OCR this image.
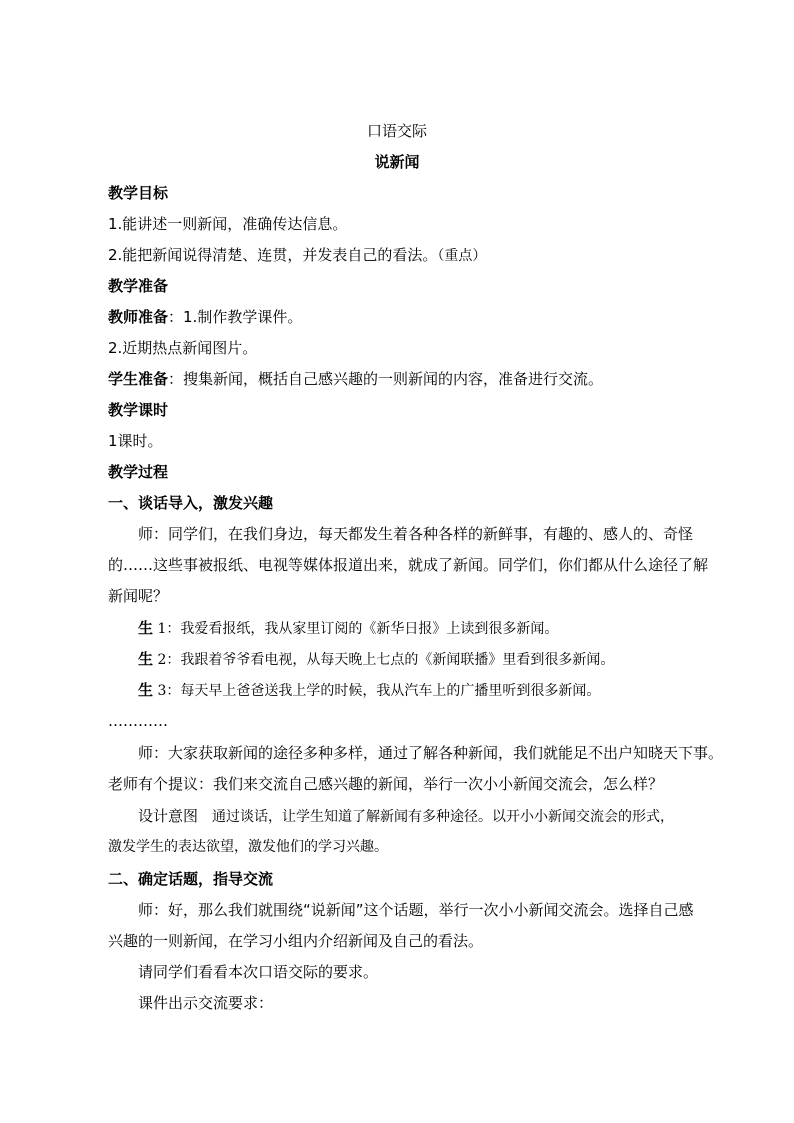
口语交际
说新闻
教学目标
1.能讲述一则新闻，准确传达信息。
2.能把新闻说得清楚、连贯，并发表自己的看法。（重点）
教学准备
教师准备：1.制作教学课件。
2.近期热点新闻图片。
学生准备：搜集新闻，概括自己感兴趣的一则新闻的内容，准备进行交流。
教学课时
1课时。
教学过程
一、谈话导入，激发兴趣
师：同学们，在我们身边，每天都发生着各种各样的新鲜事，有趣的、感人的、奇怪
的……这些事被报纸、电视等媒体报道出来，就成了新闻。同学们，你们都从什么途径了解
新闻呢？
生 1：我爱看报纸，我从家里订阅的《新华日报》上读到很多新闻。
生 2：我跟着爷爷看电视，从每天晚上七点的《新闻联播》里看到很多新闻。
生 3：每天早上爸爸送我上学的时候，我从汽车上的广播里听到很多新闻。
…………
师：大家获取新闻的途径多种多样，通过了解各种新闻，我们就能足不出户知晓天下事。
老师有个提议：我们来交流自己感兴趣的新闻，举行一次小小新闻交流会，怎么样？
设计意图　通过谈话，让学生知道了解新闻有多种途径。以开小小新闻交流会的形式，
激发学生的表达欲望，激发他们的学习兴趣。
二、确定话题，指导交流
师：好，那么我们就围绕“说新闻”这个话题，举行一次小小新闻交流会。选择自己感
兴趣的一则新闻，在学习小组内介绍新闻及自己的看法。
请同学们看看本次口语交际的要求。
课件出示交流要求：
